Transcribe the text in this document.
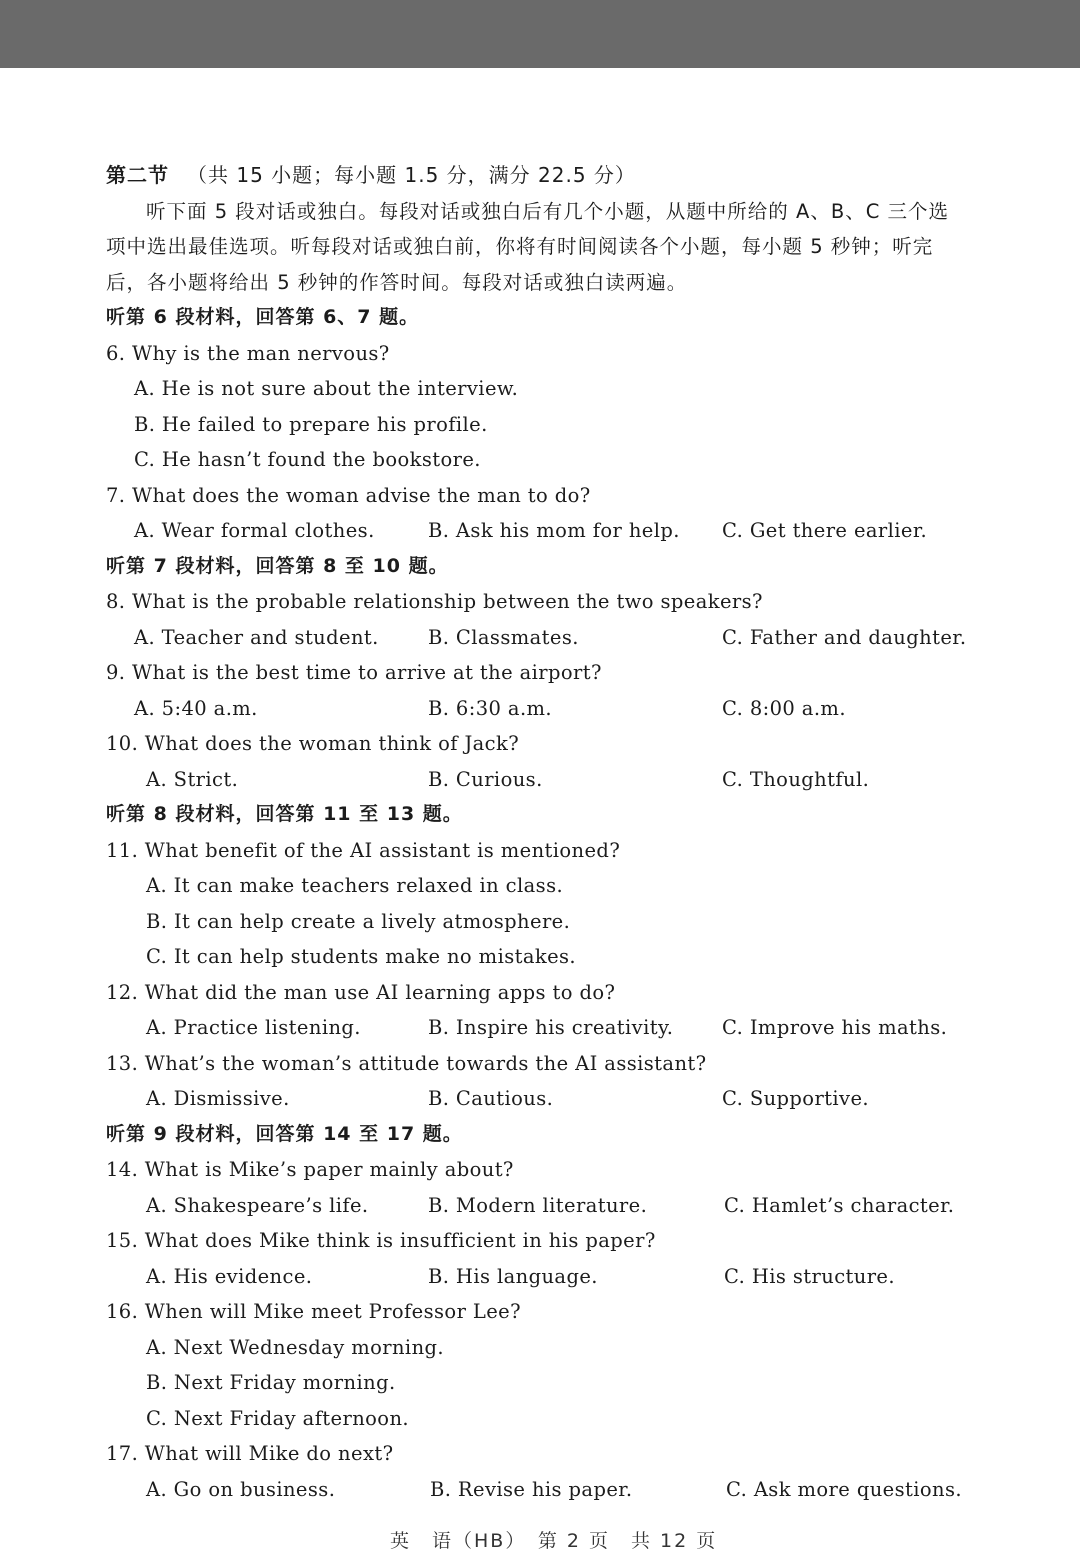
第二节 （共 15 小题；每小题 1.5 分，满分 22.5 分）
听下面 5 段对话或独白。每段对话或独白后有几个小题，从题中所给的 A、B、C 三个选
项中选出最佳选项。听每段对话或独白前，你将有时间阅读各个小题，每小题 5 秒钟；听完
后，各小题将给出 5 秒钟的作答时间。每段对话或独白读两遍。
听第 6 段材料，回答第 6、7 题。
6. Why is the man nervous?
A. He is not sure about the interview.
B. He failed to prepare his profile.
C. He hasn’t found the bookstore.
7. What does the woman advise the man to do?
A. Wear formal clothes.	B. Ask his mom for help. C. Get there earlier.
听第 7 段材料，回答第 8 至 10 题。
8. What is the probable relationship between the two speakers?
A. Teacher and student.	B. Classmates.	C. Father and daughter.
9. What is the best time to arrive at the airport?
A. 5:40 a.m.	B. 6:30 a.m.	C. 8:00 a.m.
10. What does the woman think of Jack?
A. Strict.	B. Curious.	C. Thoughtful.
听第 8 段材料，回答第 11 至 13 题。
11. What benefit of the AI assistant is mentioned?
A. It can make teachers relaxed in class.
B. It can help create a lively atmosphere.
C. It can help students make no mistakes.
12. What did the man use AI learning apps to do?
A. Practice listening.	B. Inspire his creativity. C. Improve his maths.
13. What’s the woman’s attitude towards the AI assistant?
A. Dismissive.	B. Cautious.	C. Supportive.
听第 9 段材料，回答第 14 至 17 题。
14. What is Mike’s paper mainly about?
A. Shakespeare’s life.	B. Modern literature.	C. Hamlet’s character.
15. What does Mike think is insufficient in his paper?
A. His evidence.	B. His language.	C. His structure.
16. When will Mike meet Professor Lee?
A. Next Wednesday morning.
B. Next Friday morning.
C. Next Friday afternoon.
17. What will Mike do next?
A. Go on business.	B. Revise his paper.	C. Ask more questions.
英　语（HB）　第 2 页　共 12 页
